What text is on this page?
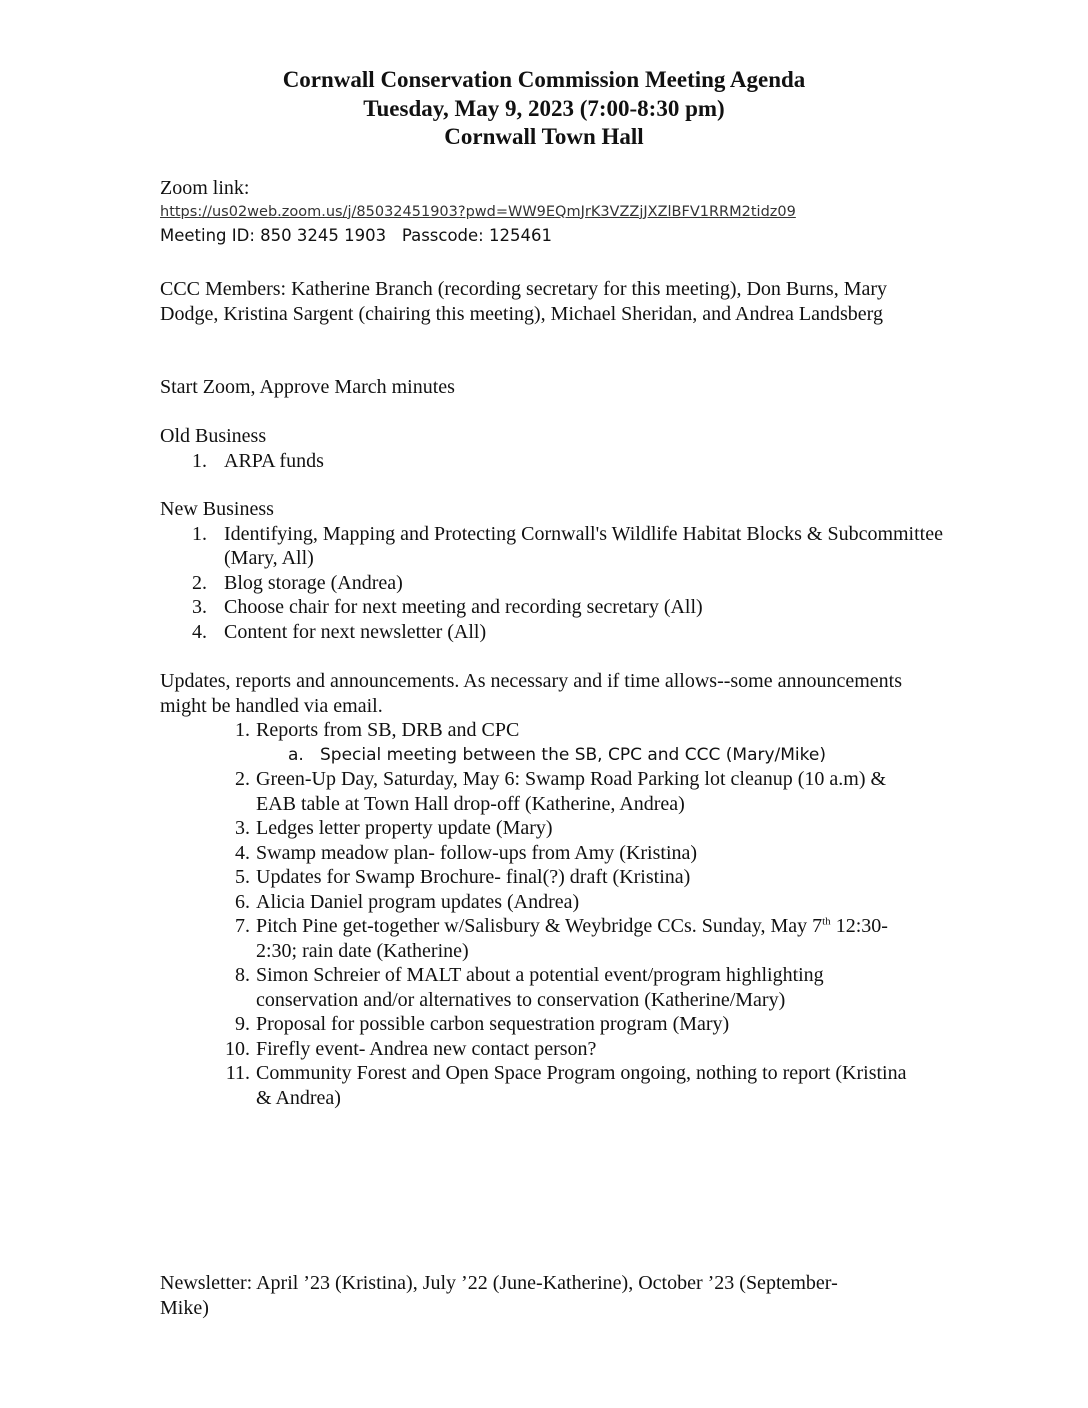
Cornwall Conservation Commission Meeting Agenda
Tuesday, May 9, 2023 (7:00-8:30 pm)
Cornwall Town Hall
Zoom link:
https://us02web.zoom.us/j/85032451903?pwd=WW9EQmJrK3VZZjJXZlBFV1RRM2tidz09
Meeting ID: 850 3245 1903 Passcode: 125461
CCC Members: Katherine Branch (recording secretary for this meeting), Don Burns, Mary Dodge, Kristina Sargent (chairing this meeting), Michael Sheridan, and Andrea Landsberg
Start Zoom, Approve March minutes
Old Business
1. ARPA funds
New Business
1. Identifying, Mapping and Protecting Cornwall's Wildlife Habitat Blocks & Subcommittee (Mary, All)
2. Blog storage (Andrea)
3. Choose chair for next meeting and recording secretary (All)
4. Content for next newsletter (All)
Updates, reports and announcements. As necessary and if time allows--some announcements might be handled via email.
1. Reports from SB, DRB and CPC
a. Special meeting between the SB, CPC and CCC (Mary/Mike)
2. Green-Up Day, Saturday, May 6: Swamp Road Parking lot cleanup (10 a.m) & EAB table at Town Hall drop-off (Katherine, Andrea)
3. Ledges letter property update (Mary)
4. Swamp meadow plan- follow-ups from Amy (Kristina)
5. Updates for Swamp Brochure- final(?) draft (Kristina)
6. Alicia Daniel program updates (Andrea)
7. Pitch Pine get-together w/Salisbury & Weybridge CCs. Sunday, May 7th 12:30-2:30; rain date (Katherine)
8. Simon Schreier of MALT about a potential event/program highlighting conservation and/or alternatives to conservation (Katherine/Mary)
9. Proposal for possible carbon sequestration program (Mary)
10. Firefly event- Andrea new contact person?
11. Community Forest and Open Space Program ongoing, nothing to report (Kristina & Andrea)
Newsletter: April ’23 (Kristina), July ’22 (June-Katherine), October ’23 (September-Mike)
